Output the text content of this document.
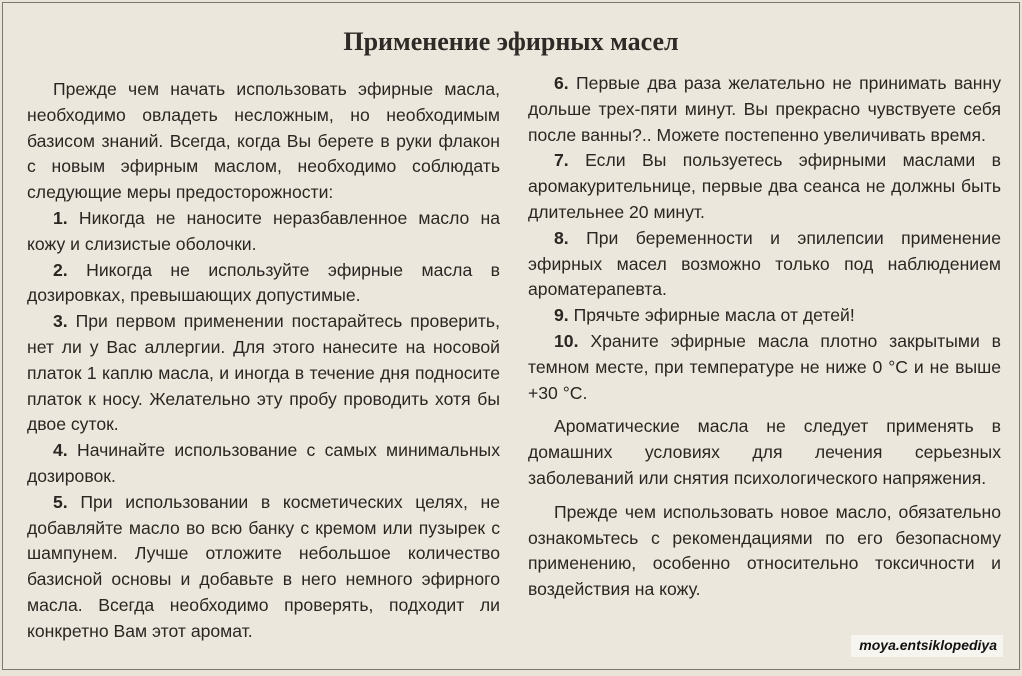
Применение эфирных масел

Прежде чем начать использовать эфирные масла, необходимо овладеть несложным, но необходимым базисом знаний. Всегда, когда Вы берете в руки флакон с новым эфирным маслом, необходимо соблюдать следующие меры предосторожности:

1. Никогда не наносите неразбавленное масло на кожу и слизистые оболочки.

2. Никогда не используйте эфирные масла в дозировках, превышающих допустимые.

3. При первом применении постарайтесь проверить, нет ли у Вас аллергии. Для этого нанесите на носовой платок 1 каплю масла, и иногда в течение дня подносите платок к носу. Желательно эту пробу проводить хотя бы двое суток.

4. Начинайте использование с самых минимальных дозировок.

5. При использовании в косметических целях, не добавляйте масло во всю банку с кремом или пузырек с шампунем. Лучше отложите небольшое количество базисной основы и добавьте в него немного эфирного масла. Всегда необходимо проверять, подходит ли конкретно Вам этот аромат.

6. Первые два раза желательно не принимать ванну дольше трех-пяти минут. Вы прекрасно чувствуете себя после ванны?.. Можете постепенно увеличивать время.

7. Если Вы пользуетесь эфирными маслами в аромакурительнице, первые два сеанса не должны быть длительнее 20 минут.

8. При беременности и эпилепсии применение эфирных масел возможно только под наблюдением ароматерапевта.

9. Прячьте эфирные масла от детей!

10. Храните эфирные масла плотно закрытыми в темном месте, при температуре не ниже 0 °С и не выше +30 °С.

Ароматические масла не следует применять в домашних условиях для лечения серьезных заболеваний или снятия психологического напряжения.

Прежде чем использовать новое масло, обязательно ознакомьтесь с рекомендациями по его безопасному применению, особенно относительно токсичности и воздействия на кожу.

moya.entsiklopediya
